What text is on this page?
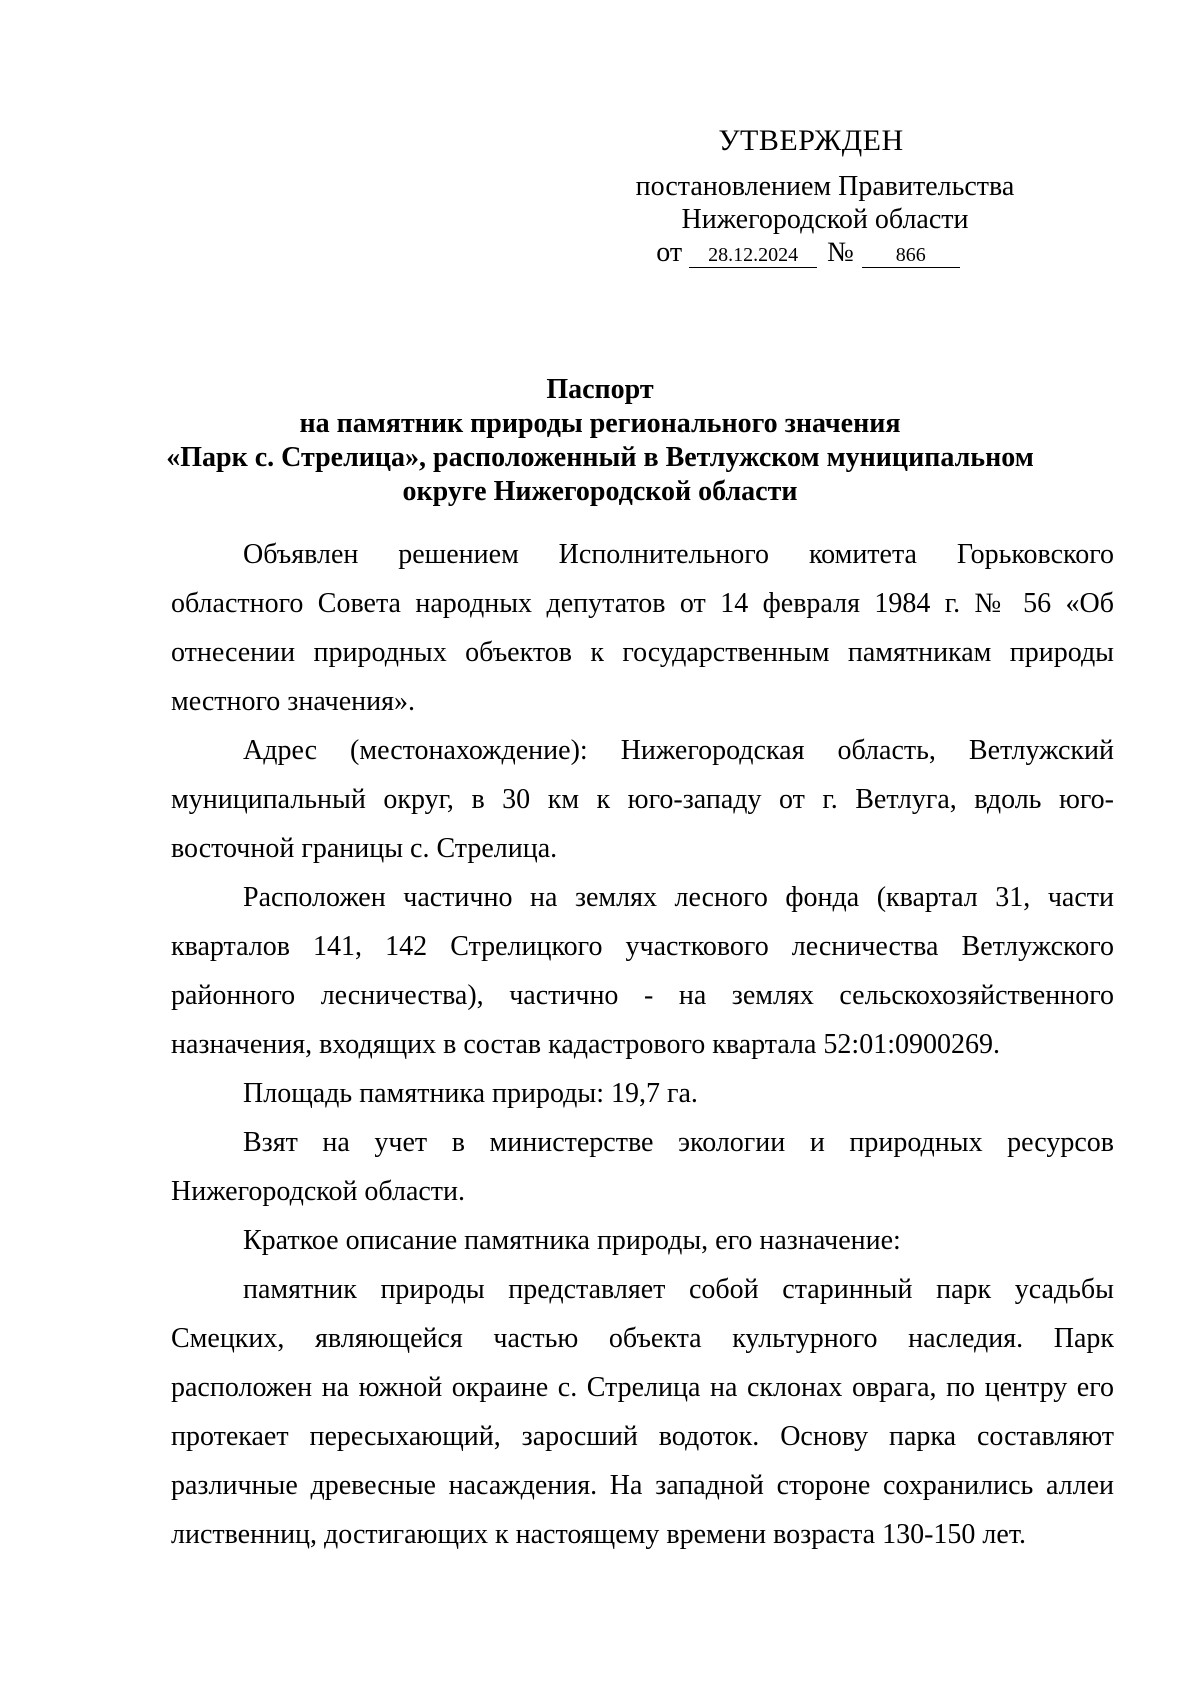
УТВЕРЖДЕН
постановлением Правительства
Нижегородской области
от 28.12.2024 № 866
Паспорт
на памятник природы регионального значения
«Парк с. Стрелица», расположенный в Ветлужском муниципальном
округе Нижегородской области

Объявлен решением Исполнительного комитета Горьковского областного Совета народных депутатов от 14 февраля 1984 г. № 56 «Об отнесении природных объектов к государственным памятникам природы местного значения».

Адрес (местонахождение): Нижегородская область, Ветлужский муниципальный округ, в 30 км к юго-западу от г. Ветлуга, вдоль юго-восточной границы с. Стрелица.

Расположен частично на землях лесного фонда (квартал 31, части кварталов 141, 142 Стрелицкого участкового лесничества Ветлужского районного лесничества), частично - на землях сельскохозяйственного назначения, входящих в состав кадастрового квартала 52:01:0900269.

Площадь памятника природы: 19,7 га.

Взят на учет в министерстве экологии и природных ресурсов Нижегородской области.

Краткое описание памятника природы, его назначение:

памятник природы представляет собой старинный парк усадьбы Смецких, являющейся частью объекта культурного наследия. Парк расположен на южной окраине с. Стрелица на склонах оврага, по центру его протекает пересыхающий, заросший водоток. Основу парка составляют различные древесные насаждения. На западной стороне сохранились аллеи лиственниц, достигающих к настоящему времени возраста 130-150 лет.
